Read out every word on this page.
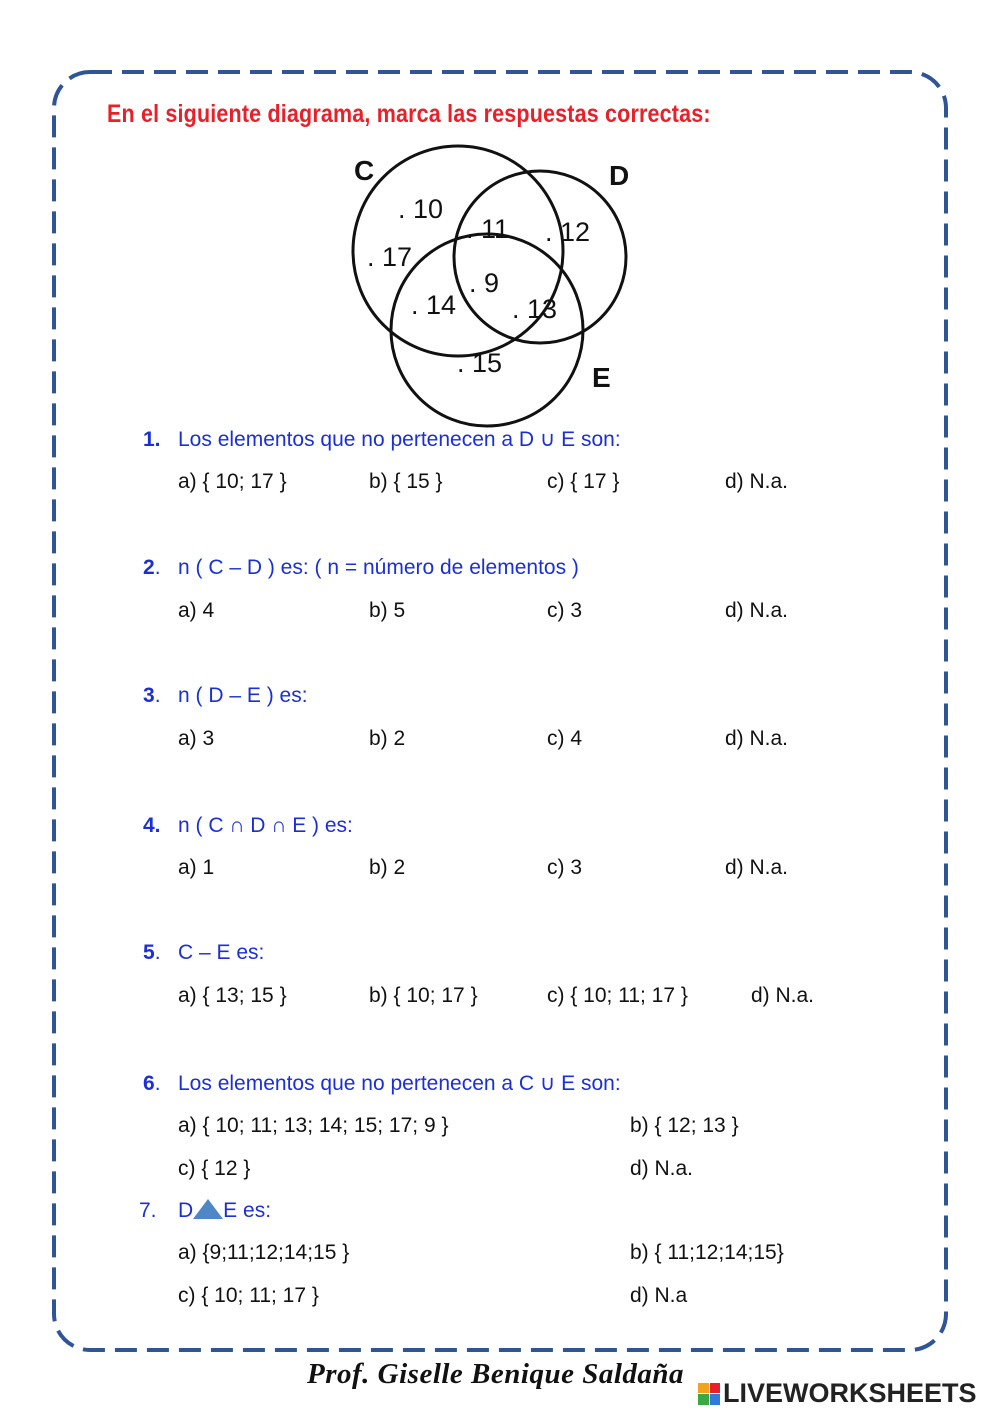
En el siguiente diagrama, marca las respuestas correctas:
C	D
E
. 10
. 17
. 11 . 12
. 9
. 14 . 13
. 15
1. Los elementos que no pertenecen a D ∪ E son:
a) { 10; 17 }	b) { 15 }	c) { 17 }	d) N.a.
2. n ( C – D ) es: ( n = número de elementos )
a) 4	b) 5	c) 3	d) N.a.
3. n ( D – E ) es:
a) 3	b) 2	c) 4	d) N.a.
4. n ( C ∩ D ∩ E ) es:
a) 1	b) 2	c) 3	d) N.a.
5. C – E es:
a) { 13; 15 }	b) { 10; 17 }	c) { 10; 11; 17 }	d) N.a.
6. Los elementos que no pertenecen a C ∪ E son:
a) { 10; 11; 13; 14; 15; 17; 9 }	b) { 12; 13 }
c) { 12 }	d) N.a.
7. D E es:
a) {9;11;12;14;15 }	b) { 11;12;14;15}
c) { 10; 11; 17 }	d) N.a
Prof. Giselle Benique Saldaña
LIVEWORKSHEETS
